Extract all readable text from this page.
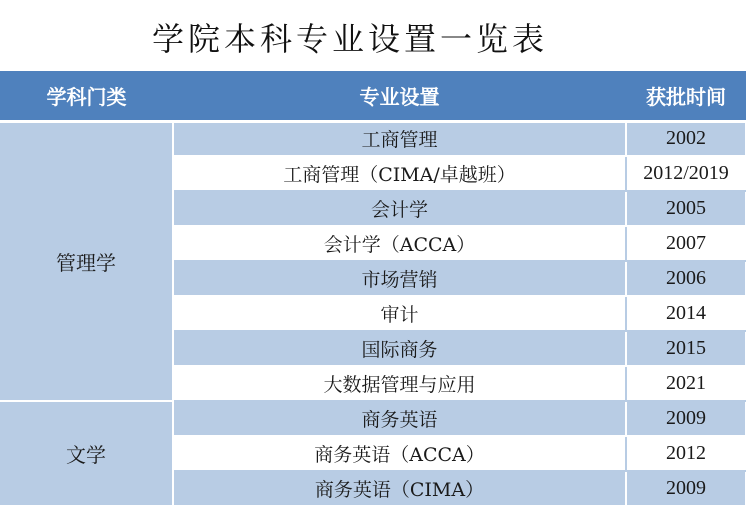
学院本科专业设置一览表
学科门类	专业设置	获批时间
管理学	工商管理	2002
	工商管理（CIMA/卓越班）	2012/2019
	会计学	2005
	会计学（ACCA）	2007
	市场营销	2006
	审计	2014
	国际商务	2015
	大数据管理与应用	2021
文学	商务英语	2009
	商务英语（ACCA）	2012
	商务英语（CIMA）	2009
